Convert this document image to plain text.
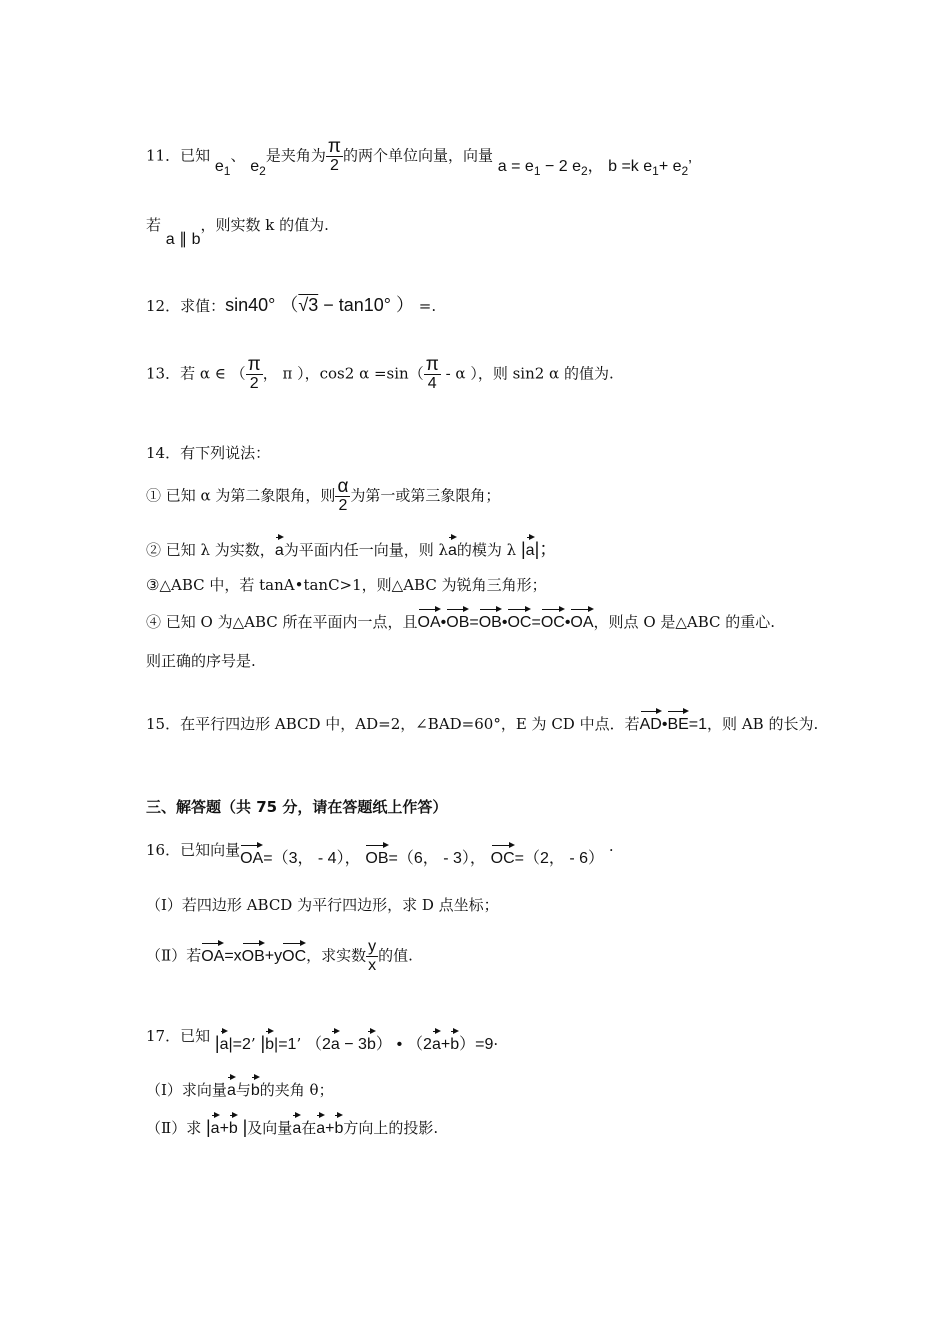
11．已知 $e_1$、 $e_2$是夹角为 $\frac{\pi}{2}$ 的两个单位向量，向量 $a = e_1 - 2$ $e_2$， b =k $e_1+ e_2$’
若 a ∥ b，则实数 k 的值为.
12．求值：sin40° （√3 − tan10° ） =.
13．若 α ∈ （ $\frac{\pi}{2}$ ， π ），cos2 $\alpha =\sin( \frac{\pi}{4} - \alpha$ ），则 sin2 α 的值为.
14．有下列说法：
① 已知 α 为第二象限角，则 $\frac{\alpha}{2}$ 为第一或第三象限角；
② 已知 λ 为实数，a为平面内任一向量，则 λa的模为 λ |a|；
③△ABC 中，若 tanA•tanC>1，则△ABC 为锐角三角形；
④ 已知 O 为△ABC 所在平面内一点，且OA•OB=OB•OC=OC•OA，则点 O 是△ABC 的重心.
则正确的序号是.
15．在平行四边形 ABCD 中，AD=2，∠BAD=60°，E 为 CD 中点．若AD•BE=1，则 AB 的长为.
三、解答题（共 75 分，请在答题纸上作答）
16．已知向量OA=（3， - 4）， OB=（6， - 3）， OC=（2， - 6） ·
（Ⅰ）若四边形 ABCD 为平行四边形，求 D 点坐标；
（Ⅱ）若OA=xOB+yOC，求实数 $\frac{y}{x}$ 的值.
17．已知 |a|=2’ |b|=1’ （2a − 3b） • （2a+b）=9·
（Ⅰ）求向量a与b的夹角 θ；
（Ⅱ）求 |a+b |及向量a在a+b方向上的投影.
